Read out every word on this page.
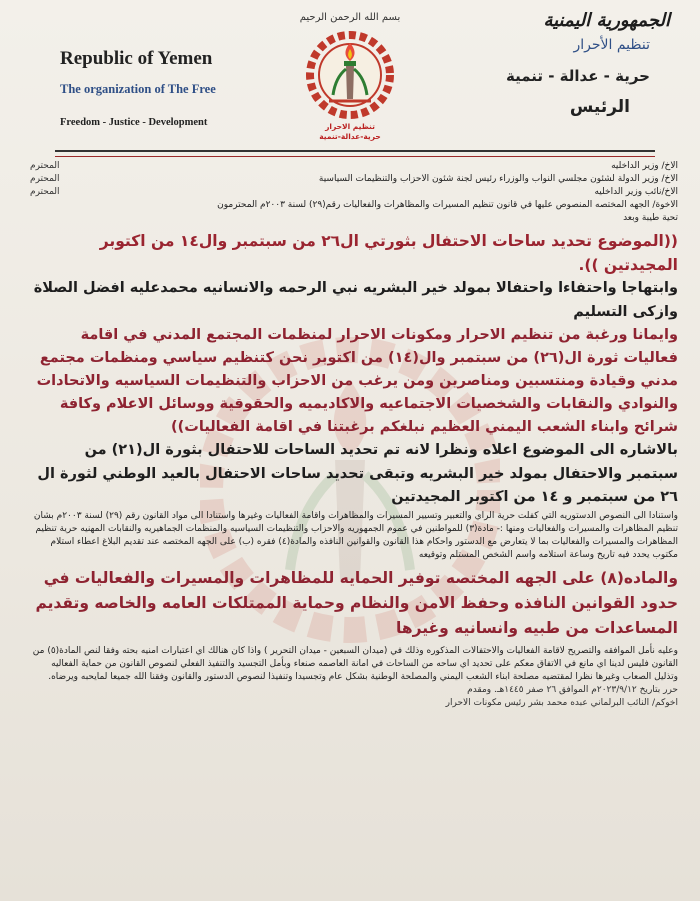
Republic of Yemen
The organization of The Free
Freedom - Justice - Development
بسم الله الرحمن الرحيم
تنظيم الاحرار
حرية-عدالة-تنمية
الجمهورية اليمنية
تنظيم الأحرار
حرية - عدالة - تنمية
الرئيس
الاخ/ وزير الداخليه
المحترم
الاخ/ وزير الدولة لشئون مجلسي النواب والوزراء رئيس لجنة شئون الاحزاب والتنظيمات السياسية
المحترم
الاخ/نائب وزير الداخليه
المحترم
الاخوة/ الجهه المختصه المنصوص عليها في قانون تنظيم المسيرات والمظاهرات والفعاليات رقم(٢٩) لسنة ٢٠٠٣م المحترمون

تحية طيبة وبعد

((الموضوع تحديد ساحات الاحتفال بثورتي ال٢٦ من سبتمبر وال١٤ من اكتوبر المجيدتين )).

وابتهاجا واحتفاءا واحتفالا بمولد خير البشريه نبي الرحمه والانسانيه محمدعليه افضل الصلاة وازكى التسليم

وايمانا ورغبة من تنظيم الاحرار ومكونات الاحرار لمنظمات المجتمع المدني في اقامة فعاليات ثورة ال(٢٦) من سبتمبر وال(١٤) من اكتوبر نحن كتنظيم سياسي ومنظمات مجتمع مدني وقيادة ومنتسبين ومناصرين ومن يرغب من الاحزاب والتنظيمات السياسيه والاتحادات والنوادي والنقابات والشخصيات الاجتماعيه والاكاديميه والحقوقية ووسائل الاعلام وكافة شرائح وابناء الشعب اليمني العظيم نبلغكم برغبتنا في اقامة الفعاليات))

بالاشاره الى الموضوع اعلاه ونظرا لانه تم تحديد الساحات للاحتفال بثورة ال(٢١) من سبتمبر والاحتفال بمولد خير البشريه وتبقى تحديد ساحات الاحتفال بالعيد الوطني لثورة ال ٢٦ من سبتمبر و ١٤ من اكتوبر المجيدتين

واستنادا الى النصوص الدستوريه التي كفلت حرية الراي والتعبير وتسيير المسيرات والمظاهرات واقامة الفعاليات وغيرها واستنادا الى مواد القانون رقم (٢٩) لسنة ٢٠٠٣م بشان تنظيم المظاهرات والمسيرات والفعاليات ومنها :- مادة(٣) للمواطنين في عموم الجمهوريه والاحزاب والتنظيمات السياسيه والمنظمات الجماهيريه والنقابات المهنيه حرية تنظيم المظاهرات والمسيرات والفعاليات بما لا يتعارض مع الدستور واحكام هذا القانون والقوانين النافذه والمادة(٤) فقره (ب) على الجهه المختصه عند تقديم البلاغ اعطاء استلام مكتوب يحدد فيه تاريخ وساعة استلامه واسم الشخص المستلم وتوقيعه

والماده(٨) على الجهه المختصه توفير الحمايه للمظاهرات والمسيرات والفعاليات في حدود القوانين النافذه وحفظ الامن والنظام وحماية الممتلكات العامه والخاصه وتقديم المساعدات من طبيه وانسانيه وغيرها

وعليه نأمل الموافقه والتصريح لاقامة الفعاليات والاحتفالات المذكوره وذلك في (ميدان السبعين - ميدان التحرير ) واذا كان هنالك اي اعتبارات امنيه بحته وفقا لنص المادة(٥) من القانون فليس لدينا اي مانع في الاتفاق معكم على تحديد اي ساحه من الساحات في امانة العاصمه صنعاء وبأمل التجسيد والتنفيذ الفعلي لنصوص القانون من حماية الفعاليه وتذليل الصعاب وغيرها نظرا لمقتضيه مصلحة ابناء الشعب اليمني والمصلحة الوطنية بشكل عام وتجسيدا وتنفيذا لنصوص الدستور والقانون وفقنا الله جميعا لمايحبه ويرضاه.

حرر بتاريخ ٢٠٢٣/٩/١٢م الموافق ٢٦ صفر ١٤٤٥هـ. ومقدم

اخوكم/ النائب البرلماني عبده محمد بشر رئيس مكونات الاحرار
